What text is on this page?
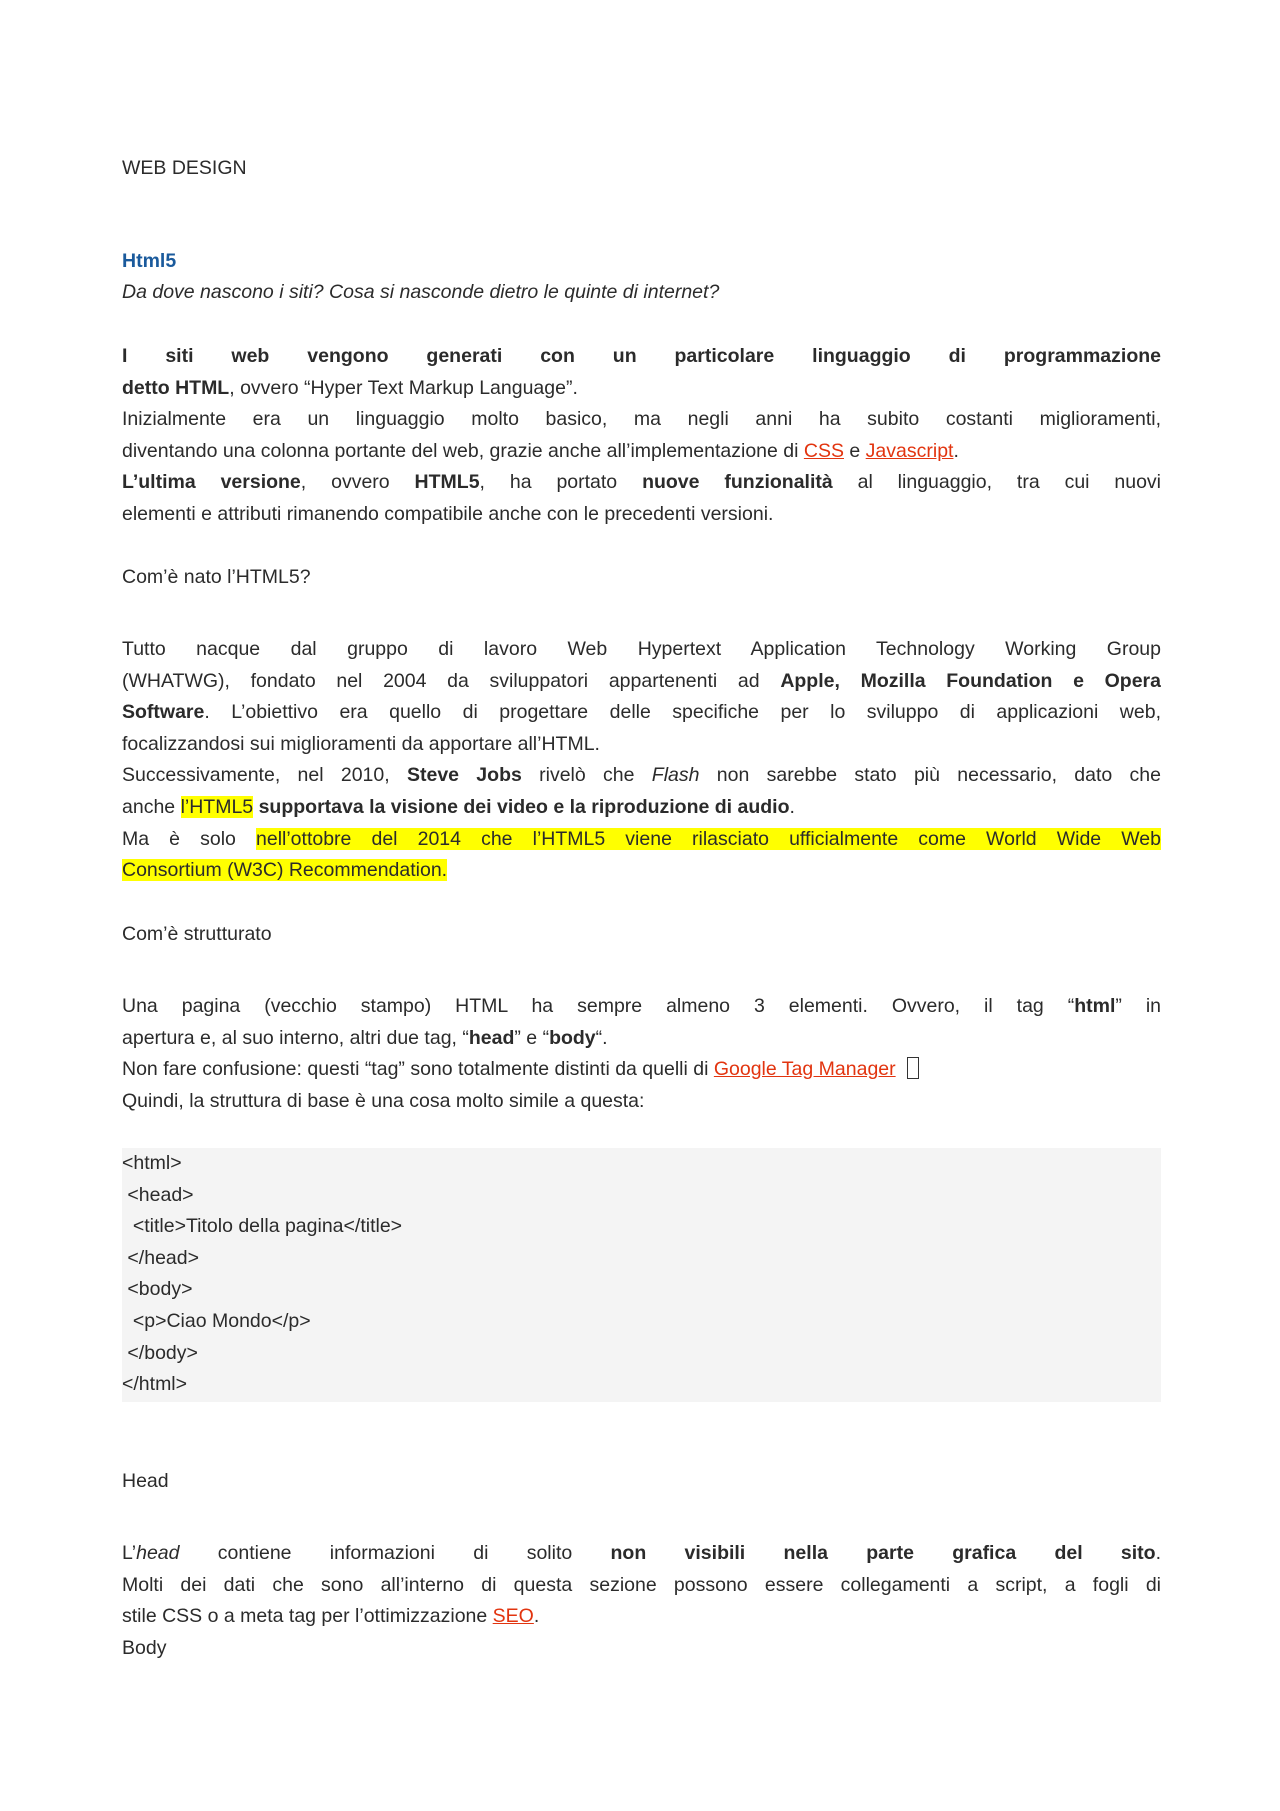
WEB DESIGN
Html5
Da dove nascono i siti? Cosa si nasconde dietro le quinte di internet?
I siti web vengono generati con un particolare linguaggio di programmazione
detto HTML, ovvero “Hyper Text Markup Language”.
Inizialmente era un linguaggio molto basico, ma negli anni ha subito costanti miglioramenti,
diventando una colonna portante del web, grazie anche all’implementazione di CSS e Javascript.
L’ultima versione, ovvero HTML5, ha portato nuove funzionalità al linguaggio, tra cui nuovi
elementi e attributi rimanendo compatibile anche con le precedenti versioni.
Com’è nato l’HTML5?
Tutto nacque dal gruppo di lavoro Web Hypertext Application Technology Working Group
(WHATWG), fondato nel 2004 da sviluppatori appartenenti ad Apple, Mozilla Foundation e Opera
Software. L’obiettivo era quello di progettare delle specifiche per lo sviluppo di applicazioni web,
focalizzandosi sui miglioramenti da apportare all’HTML.
Successivamente, nel 2010, Steve Jobs rivelò che Flash non sarebbe stato più necessario, dato che
anche l’HTML5 supportava la visione dei video e la riproduzione di audio.
Ma è solo nell’ottobre del 2014 che l’HTML5 viene rilasciato ufficialmente come World Wide Web
Consortium (W3C) Recommendation.
Com’è strutturato
Una pagina (vecchio stampo) HTML ha sempre almeno 3 elementi. Ovvero, il tag “html” in
apertura e, al suo interno, altri due tag, “head” e “body“.
Non fare confusione: questi “tag” sono totalmente distinti da quelli di Google Tag Manager
Quindi, la struttura di base è una cosa molto simile a questa:
<html>
<head>
<title>Titolo della pagina</title>
</head>
<body>
<p>Ciao Mondo</p>
</body>
</html>
Head
L’head contiene informazioni di solito non visibili nella parte grafica del sito.
Molti dei dati che sono all’interno di questa sezione possono essere collegamenti a script, a fogli di
stile CSS o a meta tag per l’ottimizzazione SEO.
Body
